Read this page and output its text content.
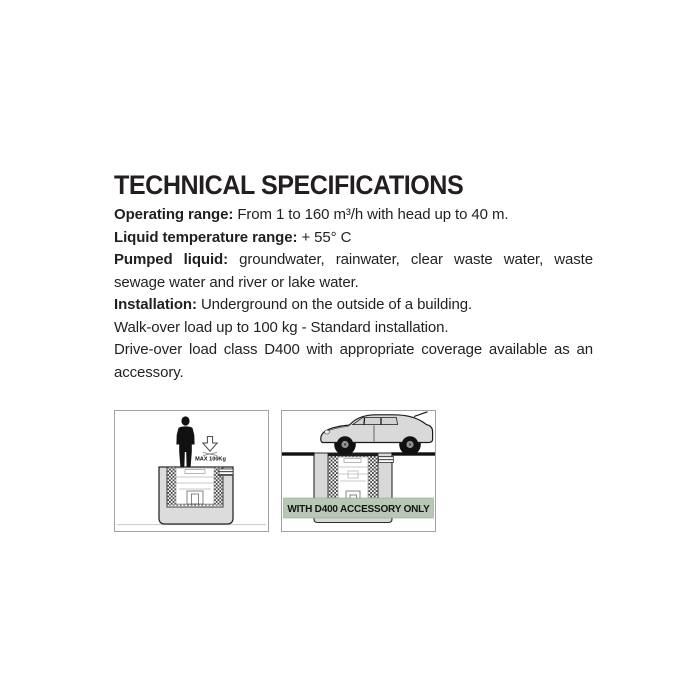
TECHNICAL SPECIFICATIONS

Operating range: From 1 to 160 m³/h with head up to 40 m.

Liquid temperature range: + 55° C

Pumped liquid: groundwater, rainwater, clear waste water, waste sewage water and river or lake water.

Installation: Underground on the outside of a building.

Walk-over load up to 100 kg - Standard installation.

Drive-over load class D400 with appropriate coverage available as an accessory.

MAX 100Kg
WITH D400 ACCESSORY ONLY
